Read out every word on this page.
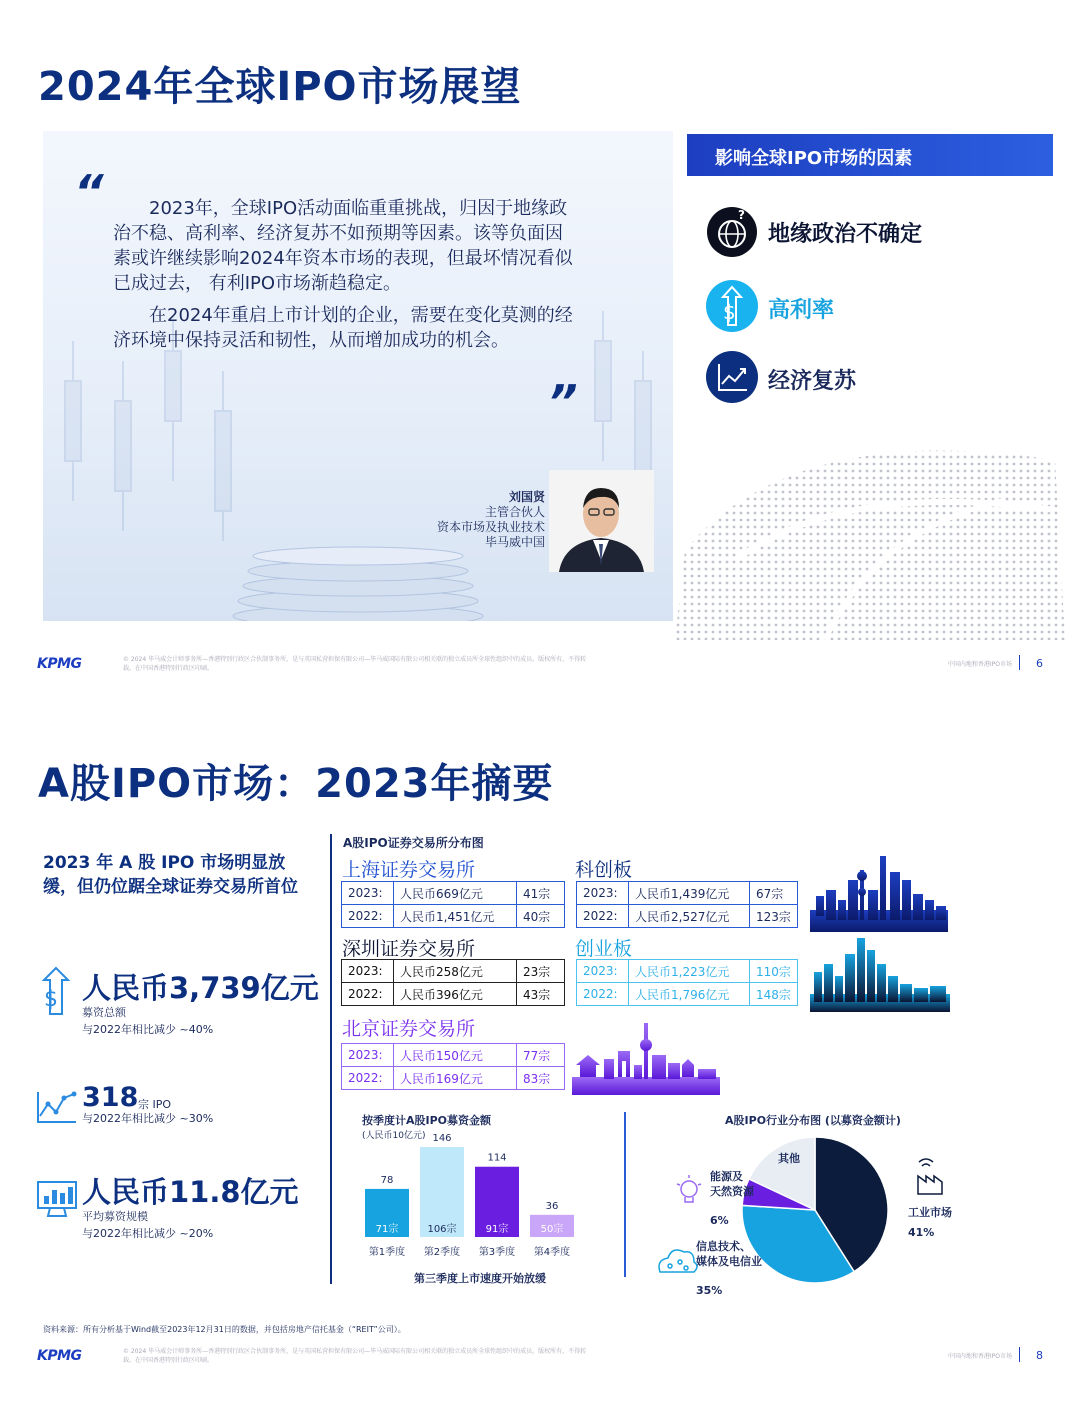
2024年全球IPO市场展望
“	2023年，全球IPO活动面临重重挑战，归因于地缘政治不稳、高利率、经济复苏不如预期等因素。该等负面因素或许继续影响2024年资本市场的表现，但最坏情况看似已成过去， 有利IPO市场渐趋稳定。

在2024年重启上市计划的企业，需要在变化莫测的经济环境中保持灵活和韧性，从而增加成功的机会。

”
刘国贤
主管合伙人
资本市场及执业技术
毕马威中国
影响全球IPO市场的因素
?
地缘政治不确定
$ 高利率
经济复苏
KPMG	© 2024 毕马威会计师事务所—香港特别行政区合伙制事务所，是与英国私营担保有限公司—毕马威国际有限公司相关联的独立成员所全球性组织中的成员。版权所有，不得转载。在中国香港特别行政区印刷。
中国内地和香港IPO市场 6
A股IPO市场：2023年摘要
2023 年 A 股 IPO 市场明显放缓，但仍位踞全球证券交易所首位
$ 人民币3,739亿元
募资总额
与2022年相比减少 ~40%
318 宗 IPO
与2022年相比减少 ~30%
人民币11.8亿元
平均募资规模
与2022年相比减少 ~20%
A股IPO证券交易所分布图
上海证券交易所
2023:	人民币669亿元	41宗
2022:	人民币1,451亿元	40宗
深圳证券交易所
2023:	人民币258亿元	23宗
2022:	人民币396亿元	43宗
北京证券交易所
2023:	人民币150亿元	77宗
2022:	人民币169亿元	83宗
科创板
2023:	人民币1,439亿元	67宗
2022:	人民币2,527亿元	123宗
创业板
2023:	人民币1,223亿元	110宗
2022:	人民币1,796亿元	148宗
按季度计A股IPO募资金额
(人民币10亿元)
78
71宗
第1季度
146
106宗
第2季度
114
91宗
第3季度
36
50宗
第4季度
第三季度上市速度开始放缓
A股IPO行业分布图 (以募资金额计)
工业市场
41%
信息技术、媒体及电信业
35%
能源及天然资源
6%
其他
资料来源：所有分析基于Wind截至2023年12月31日的数据，并包括房地产信托基金（“REIT”公司）。
KPMG	© 2024 毕马威会计师事务所—香港特别行政区合伙制事务所，是与英国私营担保有限公司—毕马威国际有限公司相关联的独立成员所全球性组织中的成员。版权所有，不得转载。在中国香港特别行政区印刷。
中国内地和香港IPO市场 8
